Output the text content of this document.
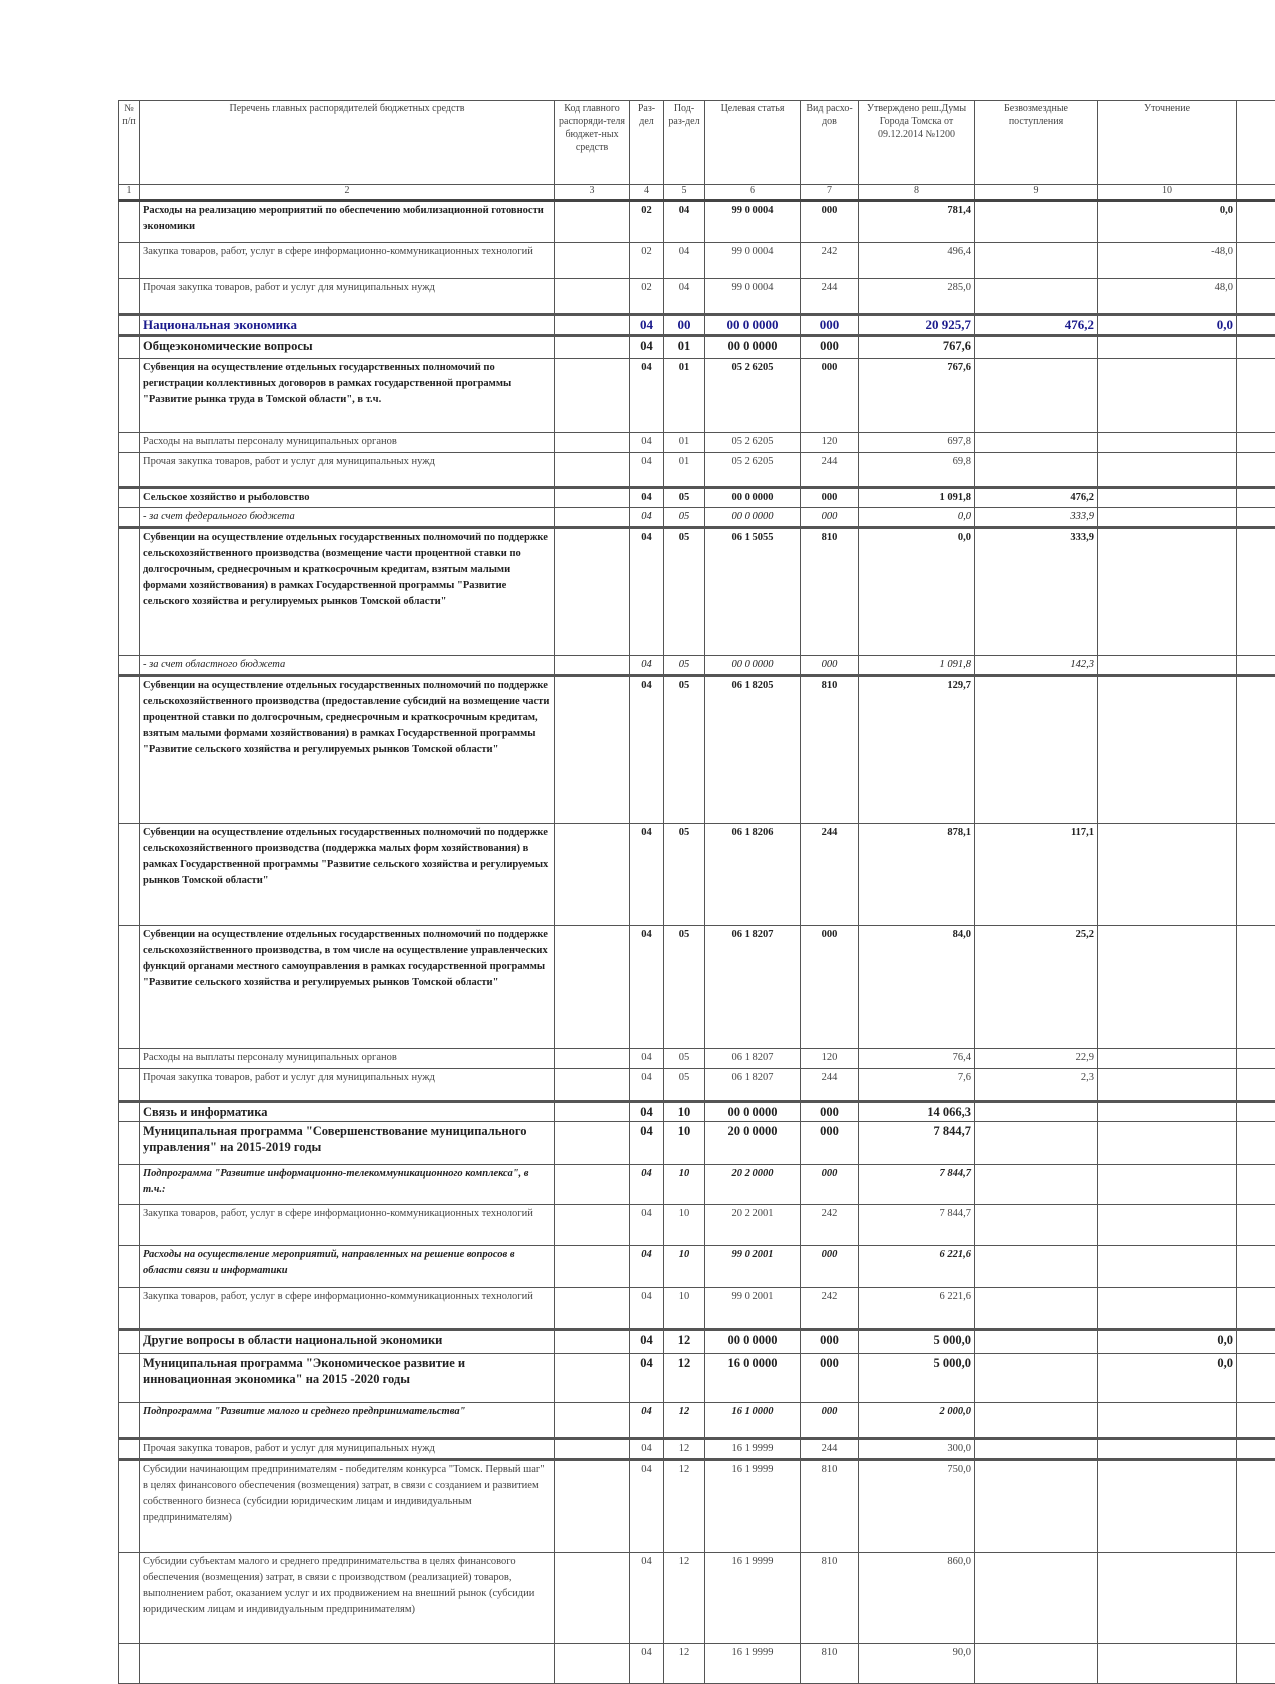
№ п/п	Перечень главных распорядителей бюджетных средств	Код главного распоряди-теля бюджет-ных средств	Раз-дел	Под-раз-дел	Целевая статья	Вид расхо-дов	Утверждено реш.Думы Города Томска от 09.12.2014 №1200	Безвозмездные поступления	Уточнение	
1	2	3	4	5	6	7	8	9	10	
	Расходы на реализацию мероприятий по обеспечению мобилизационной готовности экономики		02	04	99 0 0004	000	781,4		0,0	
	Закупка товаров, работ, услуг в сфере информационно-коммуникационных технологий		02	04	99 0 0004	242	496,4		-48,0	
	Прочая закупка товаров, работ и услуг для муниципальных нужд		02	04	99 0 0004	244	285,0		48,0	
	Национальная экономика		04	00	00 0 0000	000	20 925,7	476,2	0,0	
	Общеэкономические вопросы		04	01	00 0 0000	000	767,6			
	Субвенция на осуществление отдельных государственных полномочий по регистрации коллективных договоров в рамках государственной программы "Развитие рынка труда в Томской области", в т.ч.		04	01	05 2 6205	000	767,6			
	Расходы на выплаты персоналу муниципальных органов		04	01	05 2 6205	120	697,8			
	Прочая закупка товаров, работ и услуг для муниципальных нужд		04	01	05 2 6205	244	69,8			
	Сельское хозяйство и рыболовство		04	05	00 0 0000	000	1 091,8	476,2		
	- за счет федерального бюджета		04	05	00 0 0000	000	0,0	333,9		
	Субвенции на осуществление отдельных государственных полномочий по поддержке сельскохозяйственного производства (возмещение части процентной ставки по долгосрочным, среднесрочным и краткосрочным кредитам, взятым малыми формами хозяйствования) в рамках Государственной программы "Развитие сельского хозяйства и регулируемых рынков Томской области"		04	05	06 1 5055	810	0,0	333,9		
	- за счет областного бюджета		04	05	00 0 0000	000	1 091,8	142,3		
	Субвенции на осуществление отдельных государственных полномочий по поддержке сельскохозяйственного производства (предоставление субсидий на возмещение части процентной ставки по долгосрочным, среднесрочным и краткосрочным кредитам, взятым малыми формами хозяйствования) в рамках Государственной программы "Развитие сельского хозяйства и регулируемых рынков Томской области"		04	05	06 1 8205	810	129,7			
	Субвенции на осуществление отдельных государственных полномочий по поддержке сельскохозяйственного производства (поддержка малых форм хозяйствования) в рамках Государственной программы "Развитие сельского хозяйства и регулируемых рынков Томской области"		04	05	06 1 8206	244	878,1	117,1		
	Субвенции на осуществление отдельных государственных полномочий по поддержке сельскохозяйственного производства, в том числе на осуществление управленческих функций органами местного самоуправления в рамках государственной программы "Развитие сельского хозяйства и регулируемых рынков Томской области"		04	05	06 1 8207	000	84,0	25,2		
	Расходы на выплаты персоналу муниципальных органов		04	05	06 1 8207	120	76,4	22,9		
	Прочая закупка товаров, работ и услуг для муниципальных нужд		04	05	06 1 8207	244	7,6	2,3		
	Связь и информатика		04	10	00 0 0000	000	14 066,3			
	Муниципальная программа "Совершенствование муниципального управления" на 2015-2019 годы		04	10	20 0 0000	000	7 844,7			
	Подпрограмма "Развитие информационно-телекоммуникационного комплекса", в т.ч.:		04	10	20 2 0000	000	7 844,7			
	Закупка товаров, работ, услуг в сфере информационно-коммуникационных технологий		04	10	20 2 2001	242	7 844,7			
	Расходы на осуществление мероприятий, направленных на решение вопросов в области связи и информатики		04	10	99 0 2001	000	6 221,6			
	Закупка товаров, работ, услуг в сфере информационно-коммуникационных технологий		04	10	99 0 2001	242	6 221,6			
	Другие вопросы в области национальной экономики		04	12	00 0 0000	000	5 000,0		0,0	
	Муниципальная программа "Экономическое развитие и инновационная экономика" на 2015 -2020 годы		04	12	16 0 0000	000	5 000,0		0,0	
	Подпрограмма "Развитие малого и среднего предпринимательства"		04	12	16 1 0000	000	2 000,0			
	Прочая закупка товаров, работ и услуг для муниципальных нужд		04	12	16 1 9999	244	300,0			
	Субсидии начинающим предпринимателям - победителям конкурса "Томск. Первый шаг" в целях финансового обеспечения (возмещения) затрат, в связи с созданием и развитием собственного бизнеса (субсидии юридическим лицам и индивидуальным предпринимателям)		04	12	16 1 9999	810	750,0			
	Субсидии субъектам малого и среднего предпринимательства в целях финансового обеспечения (возмещения) затрат, в связи с производством (реализацией) товаров, выполнением работ, оказанием услуг и их продвижением на внешний рынок (субсидии юридическим лицам и индивидуальным предпринимателям)		04	12	16 1 9999	810	860,0			
			04	12	16 1 9999	810	90,0			
